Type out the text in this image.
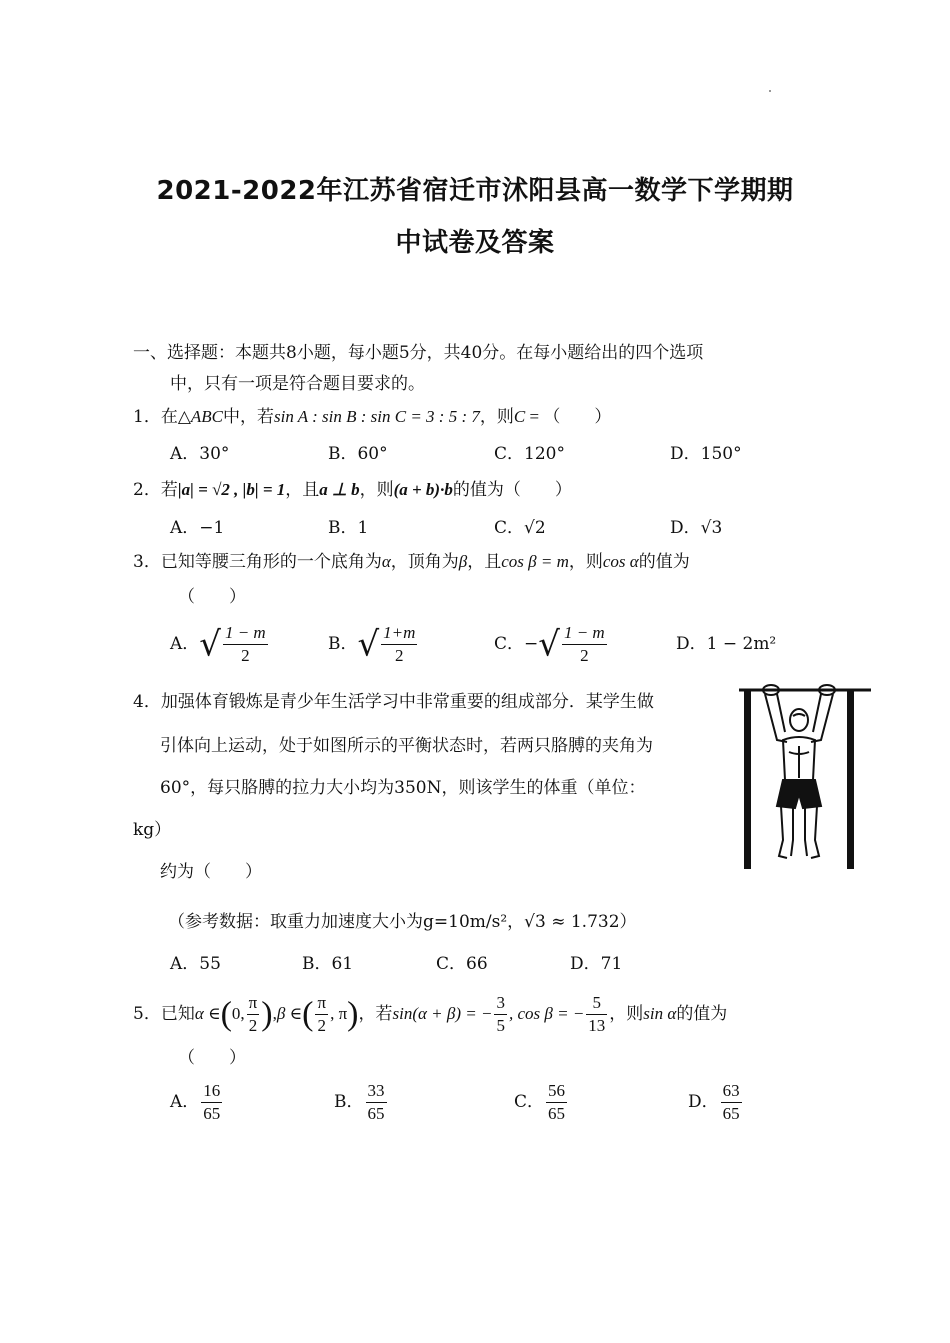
2021-2022年江苏省宿迁市沭阳县高一数学下学期期
中试卷及答案
一、选择题：本题共8小题，每小题5分，共40分。在每小题给出的四个选项
中，只有一项是符合题目要求的。
1．在△ABC中，若sin A : sin B : sin C = 3 : 5 : 7，则C = （　　）
A．30°	B．60°	C．120°	D．150°
2．若|a| = √2 , |b| = 1，且a ⊥ b，则(a + b)·b的值为（　　）
A．−1	B．1	C．√2	D．√3
3．已知等腰三角形的一个底角为α，顶角为β，且cos β = m，则cos α的值为
（　　）
A．√ $\frac{1 - m}{2}$	B．√ $\frac{1+m}{2}$	C．−√ $\frac{1 - m}{2}$	D．1 − 2m²
4．加强体育锻炼是青少年生活学习中非常重要的组成部分．某学生做
引体向上运动，处于如图所示的平衡状态时，若两只胳膊的夹角为
60°，每只胳膊的拉力大小均为350N，则该学生的体重（单位：
kg）
约为（　　）
（参考数据：取重力加速度大小为g=10m/s²，√3 ≈ 1.732）
A．55	B．61	C．66	D．71
5．已知α ∈(0, $\frac{\pi}{2} ),\beta$ ∈( $\frac{\pi}{2}$ , π)，若sin(α + β) = − $\frac{3}{5}$ , cos β = − $\frac{5}{13}$ ，则sin α的值为
（　　）
A． $\frac{16}{65}$	B． $\frac{33}{65}$	C． $\frac{56}{65}$	D． $\frac{63}{65}$
